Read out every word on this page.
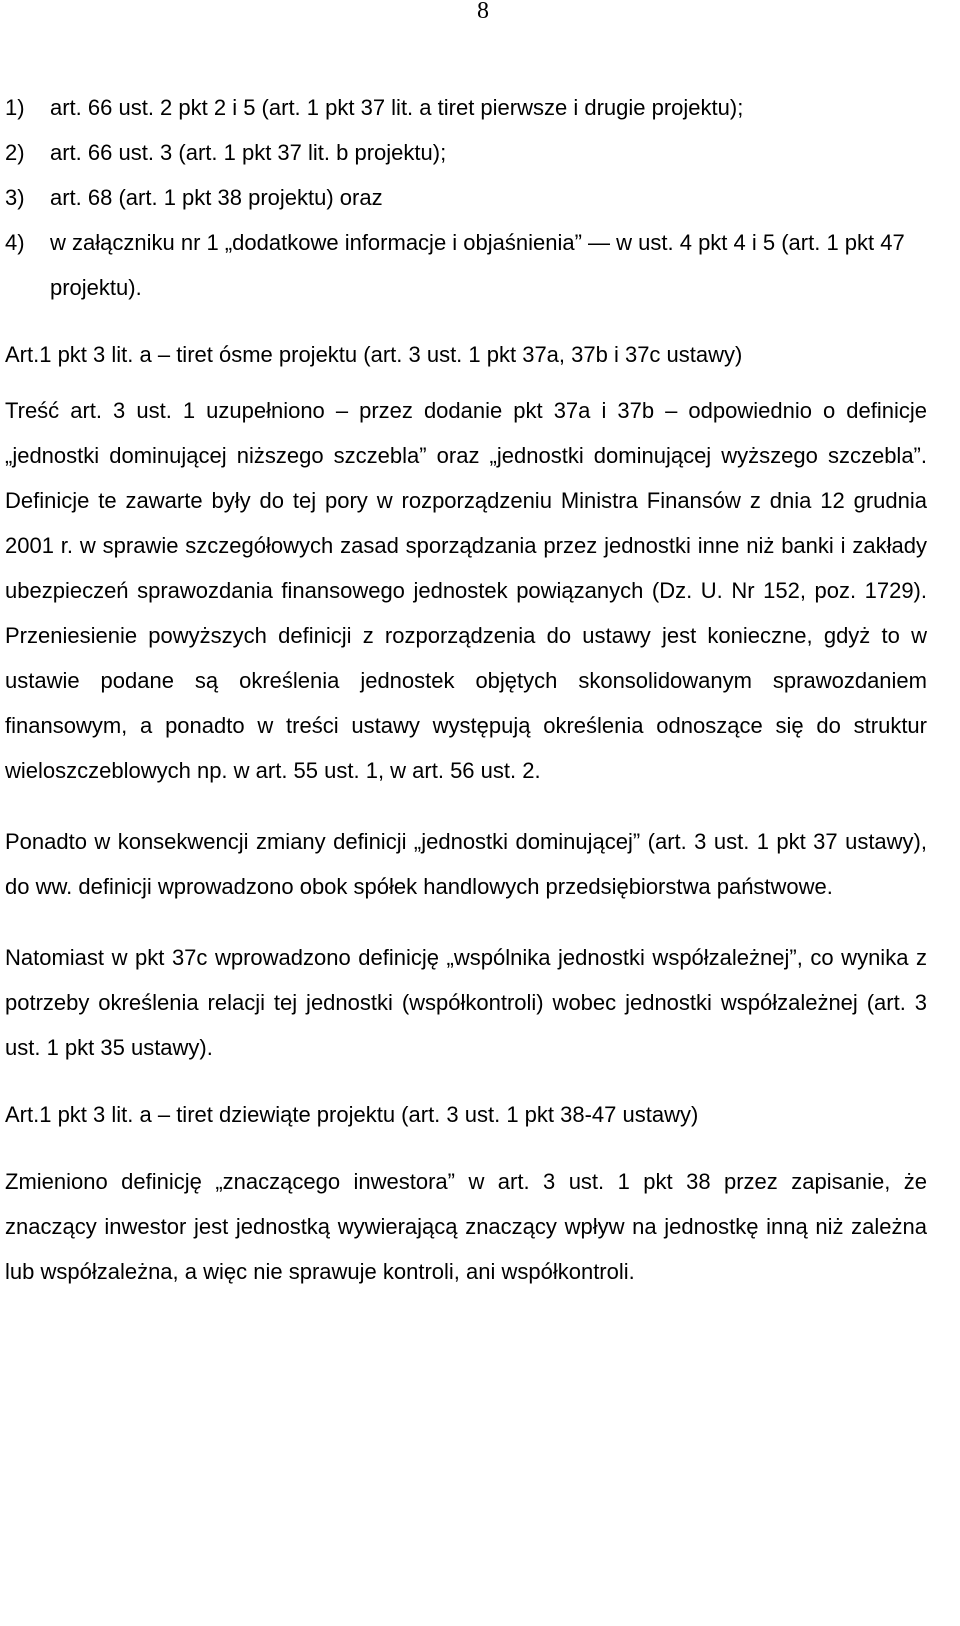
8
1) art. 66 ust. 2 pkt 2 i 5 (art. 1 pkt 37 lit. a tiret pierwsze i drugie projektu);
2) art. 66 ust. 3 (art. 1 pkt 37 lit. b projektu);
3) art. 68 (art. 1 pkt 38 projektu) oraz
4) w załączniku nr 1 „dodatkowe informacje i objaśnienia” — w ust. 4 pkt 4 i 5 (art. 1 pkt 47 projektu).
Art.1 pkt 3 lit. a – tiret ósme projektu (art. 3 ust. 1 pkt 37a, 37b i 37c ustawy)
Treść art. 3 ust. 1 uzupełniono – przez dodanie pkt 37a i 37b – odpowiednio o definicje „jednostki dominującej niższego szczebla” oraz „jednostki dominującej wyższego szczebla”. Definicje te zawarte były do tej pory w rozporządzeniu Ministra Finansów z dnia 12 grudnia 2001 r. w sprawie szczegółowych zasad sporządzania przez jednostki inne niż banki i zakłady ubezpieczeń sprawozdania finansowego jednostek powiązanych (Dz. U. Nr 152, poz. 1729). Przeniesienie powyższych definicji z rozporządzenia do ustawy jest konieczne, gdyż to w ustawie podane są określenia jednostek objętych skonsolidowanym sprawozdaniem finansowym, a ponadto w treści ustawy występują określenia odnoszące się do struktur wieloszczeblowych np. w art. 55 ust. 1, w art. 56 ust. 2.
Ponadto w konsekwencji zmiany definicji „jednostki dominującej” (art. 3 ust. 1 pkt 37 ustawy), do ww. definicji wprowadzono obok spółek handlowych przedsiębiorstwa państwowe.
Natomiast w pkt 37c wprowadzono definicję „wspólnika jednostki współzależnej”, co wynika z potrzeby określenia relacji tej jednostki (współkontroli) wobec jednostki współzależnej (art. 3 ust. 1 pkt 35 ustawy).
Art.1 pkt 3 lit. a – tiret dziewiąte projektu (art. 3 ust. 1 pkt 38-47 ustawy)
Zmieniono definicję „znaczącego inwestora” w art. 3 ust. 1 pkt 38 przez zapisanie, że znaczący inwestor jest jednostką wywierającą znaczący wpływ na jednostkę inną niż zależna lub współzależna, a więc nie sprawuje kontroli, ani współkontroli.
